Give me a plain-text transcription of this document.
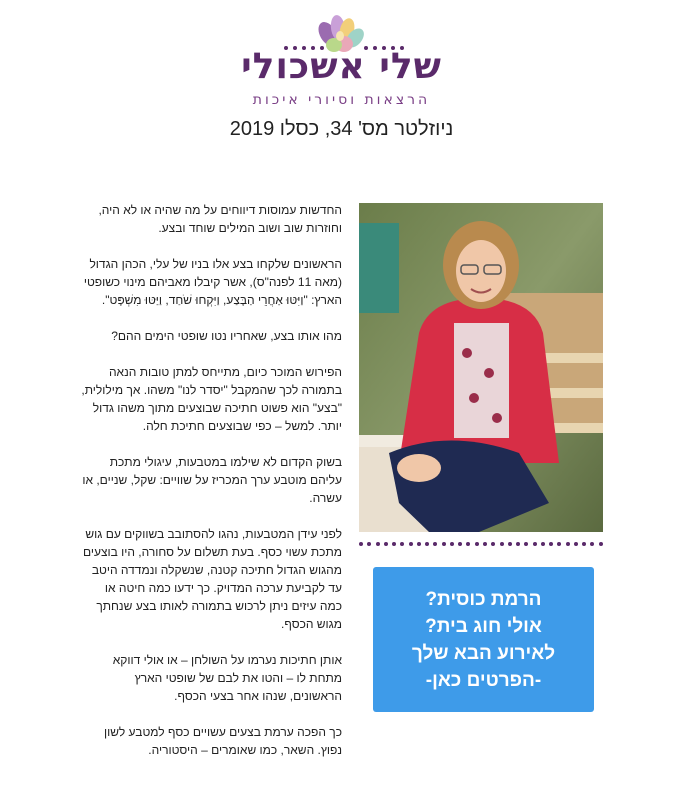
שלי אשכולי
הרצאות וסיורי איכות
ניוזלטר מס' 34, כסלו 2019

החדשות עמוסות דיווחים על מה שהיה או לא היה, וחוזרות שוב ושוב המילים שוחד ובצע.

הראשונים שלקחו בצע אלו בניו של עלי, הכהן הגדול (מאה 11 לפנה"ס), אשר קיבלו מאביהם מינוי כשופטי הארץ: "וַיִּטּוּ אַחֲרֵי הַבָּצַע, וַיִּקְחוּ שֹׁחַד, וַיַּטּוּ מִשְׁפָּט".

מהו אותו בצע, שאחריו נטו שופטי הימים ההם?

הפירוש המוכר כיום, מתייחס למתן טובות הנאה בתמורה לכך שהמקבל "יסדר לנו" משהו. אך מילולית, "בצע" הוא פשוט חתיכה שבוצעים מתוך משהו גדול יותר. למשל – כפי שבוצעים חתיכת חלה.

בשוק הקדום לא שילמו במטבעות, עיגולי מתכת עליהם מוטבע ערך המכריז על שוויים: שקל, שניים, או עשרה.

לפני עידן המטבעות, נהגו להסתובב בשווקים עם גוש מתכת עשוי כסף. בעת תשלום על סחורה, היו בוצעים מהגוש הגדול חתיכה קטנה, שנשקלה ונמדדה היטב עד לקביעת ערכה המדויק. כך ידעו כמה חיטה או כמה עיזים ניתן לרכוש בתמורה לאותו בצע שנחתך מגוש הכסף.

אותן חתיכות נערמו על השולחן – או אולי דווקא מתחת לו – והטו את לבם של שופטי הארץ הראשונים, שנהו אחר בצעי הכסף.

כך הפכה ערמת בצעים עשויים כסף למטבע לשון נפוץ. השאר, כמו שאומרים – היסטוריה.

הרמת כוסית?
אולי חוג בית?
לאירוע הבא שלך
-הפרטים כאן-
